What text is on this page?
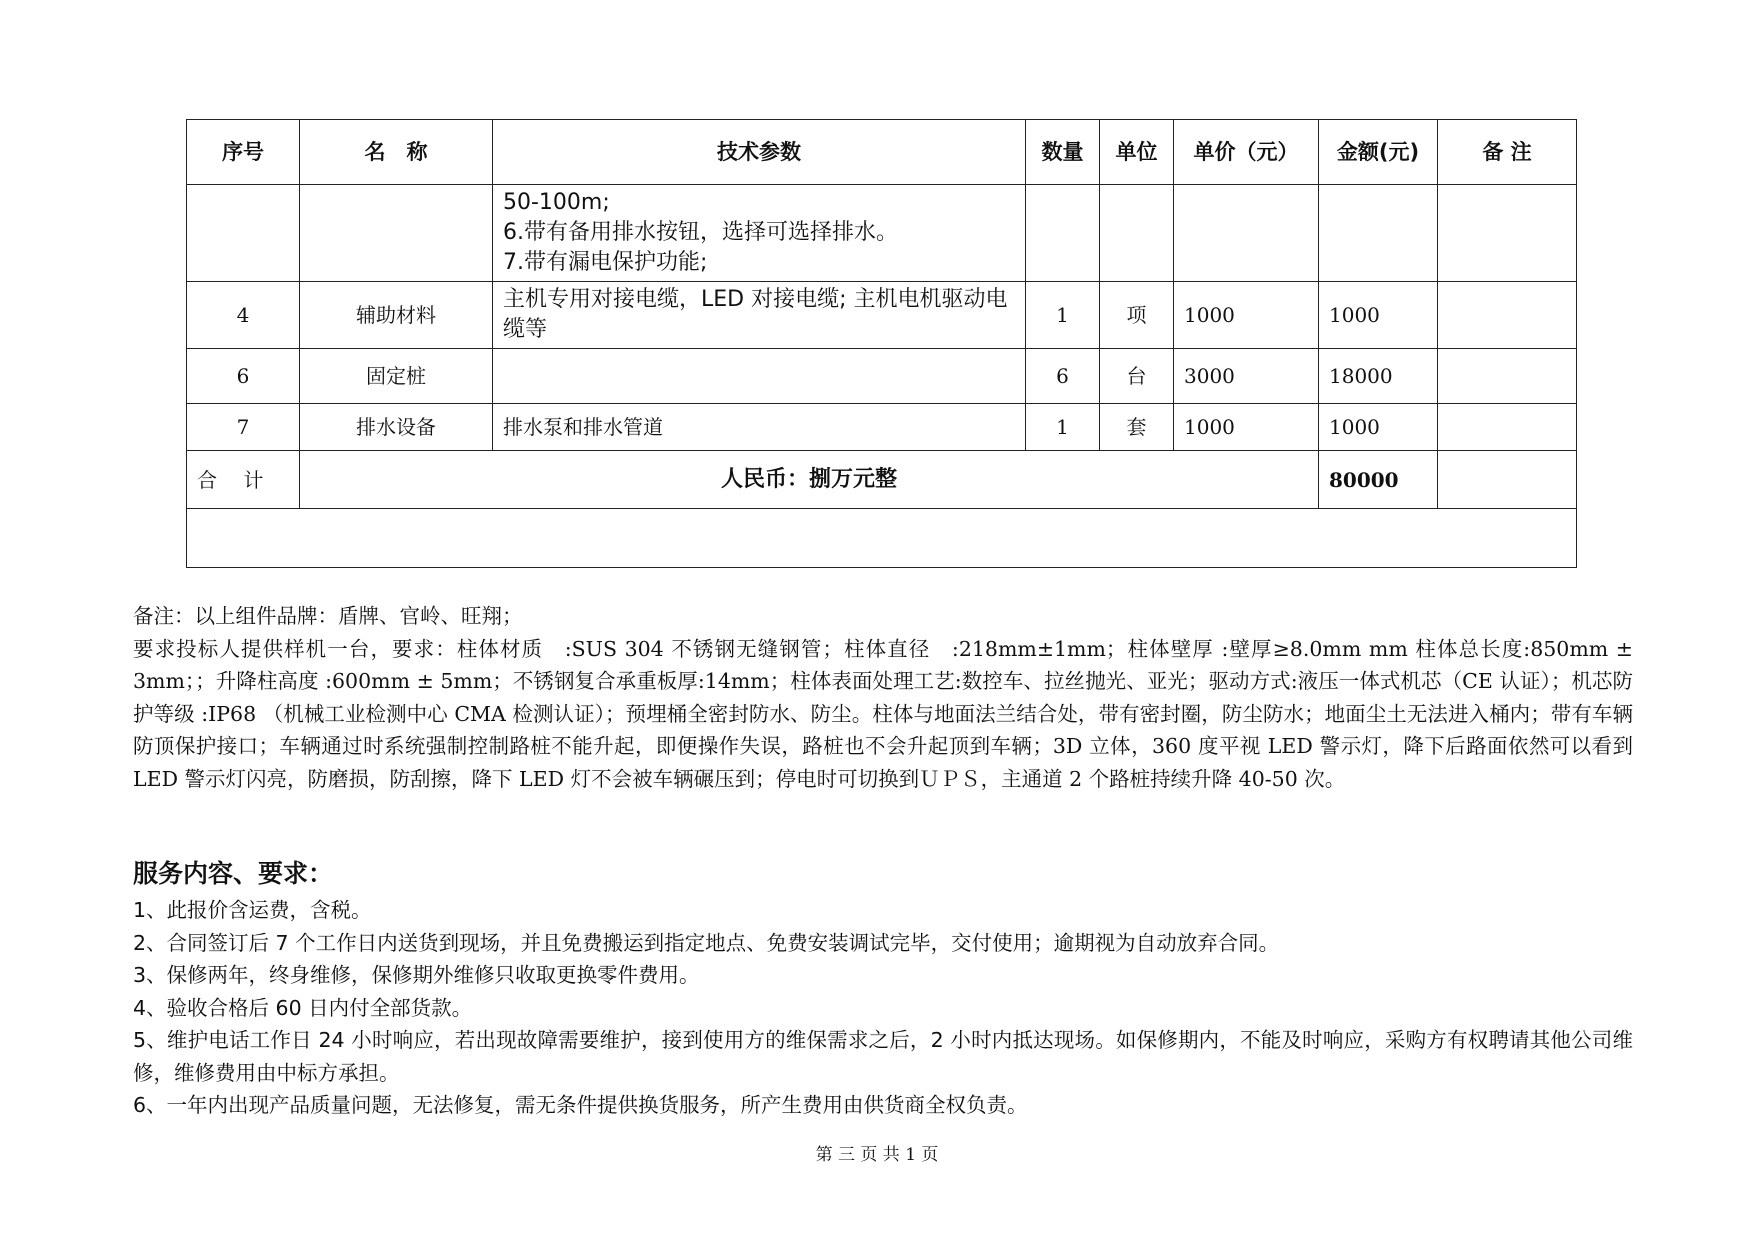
序号	名　称	技术参数	数量	单位	单价（元）	金额(元)	备 注

		50-100m;
6.带有备用排水按钮，选择可选择排水。
7.带有漏电保护功能;					

4	辅助材料	主机专用对接电缆，LED 对接电缆; 主机电机驱动电缆等	1	项	1000	1000	
6	固定桩		6	台	3000	18000	
7	排水设备	排水泵和排水管道	1	套	1000	1000	
合 计	人民币：捌万元整					80000	

备注：以上组件品牌：盾牌、官岭、旺翔；

要求投标人提供样机一台，要求：柱体材质　:SUS 304 不锈钢无缝钢管；柱体直径　:218mm±1mm；柱体壁厚 :壁厚≥8.0mm mm 柱体总长度:850mm ± 3mm；；升降柱高度 :600mm ± 5mm；不锈钢复合承重板厚:14mm；柱体表面处理工艺:数控车、拉丝抛光、亚光；驱动方式:液压一体式机芯（CE 认证）；机芯防护等级 :IP68 （机械工业检测中心 CMA 检测认证）；预埋桶全密封防水、防尘。柱体与地面法兰结合处，带有密封圈，防尘防水；地面尘土无法进入桶内；带有车辆防顶保护接口；车辆通过时系统强制控制路桩不能升起，即便操作失误，路桩也不会升起顶到车辆；3D 立体，360 度平视 LED 警示灯，降下后路面依然可以看到 LED 警示灯闪亮，防磨损，防刮擦，降下 LED 灯不会被车辆碾压到；停电时可切换到ＵＰＳ，主通道 2 个路桩持续升降 40-50 次。

服务内容、要求：
1、此报价含运费，含税。
2、合同签订后 7 个工作日内送货到现场，并且免费搬运到指定地点、免费安装调试完毕，交付使用；逾期视为自动放弃合同。
3、保修两年，终身维修，保修期外维修只收取更换零件费用。
4、验收合格后 60 日内付全部货款。
5、维护电话工作日 24 小时响应，若出现故障需要维护，接到使用方的维保需求之后，2 小时内抵达现场。如保修期内，不能及时响应，采购方有权聘请其他公司维修，维修费用由中标方承担。
6、一年内出现产品质量问题，无法修复，需无条件提供换货服务，所产生费用由供货商全权负责。
第 三 页 共 1 页
